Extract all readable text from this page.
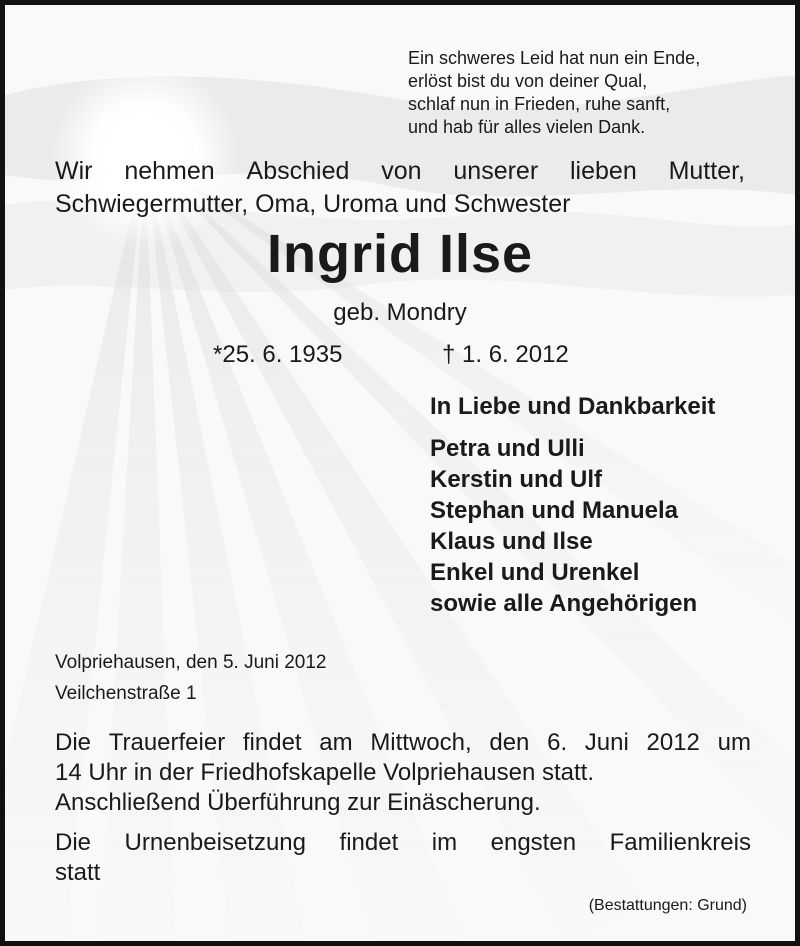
Ein schweres Leid hat nun ein Ende,
erlöst bist du von deiner Qual,
schlaf nun in Frieden, ruhe sanft,
und hab für alles vielen Dank.
Wir nehmen Abschied von unserer lieben Mutter,
Schwiegermutter, Oma, Uroma und Schwester
Ingrid Ilse
geb. Mondry
*25. 6. 1935	† 1. 6. 2012
In Liebe und Dankbarkeit
Petra und Ulli
Kerstin und Ulf
Stephan und Manuela
Klaus und Ilse
Enkel und Urenkel
sowie alle Angehörigen
Volpriehausen, den 5. Juni 2012
Veilchenstraße 1
Die Trauerfeier findet am Mittwoch, den 6. Juni 2012 um
14 Uhr in der Friedhofskapelle Volpriehausen statt.
Anschließend Überführung zur Einäscherung.
Die Urnenbeisetzung findet im engsten Familienkreis
statt
(Bestattungen: Grund)
